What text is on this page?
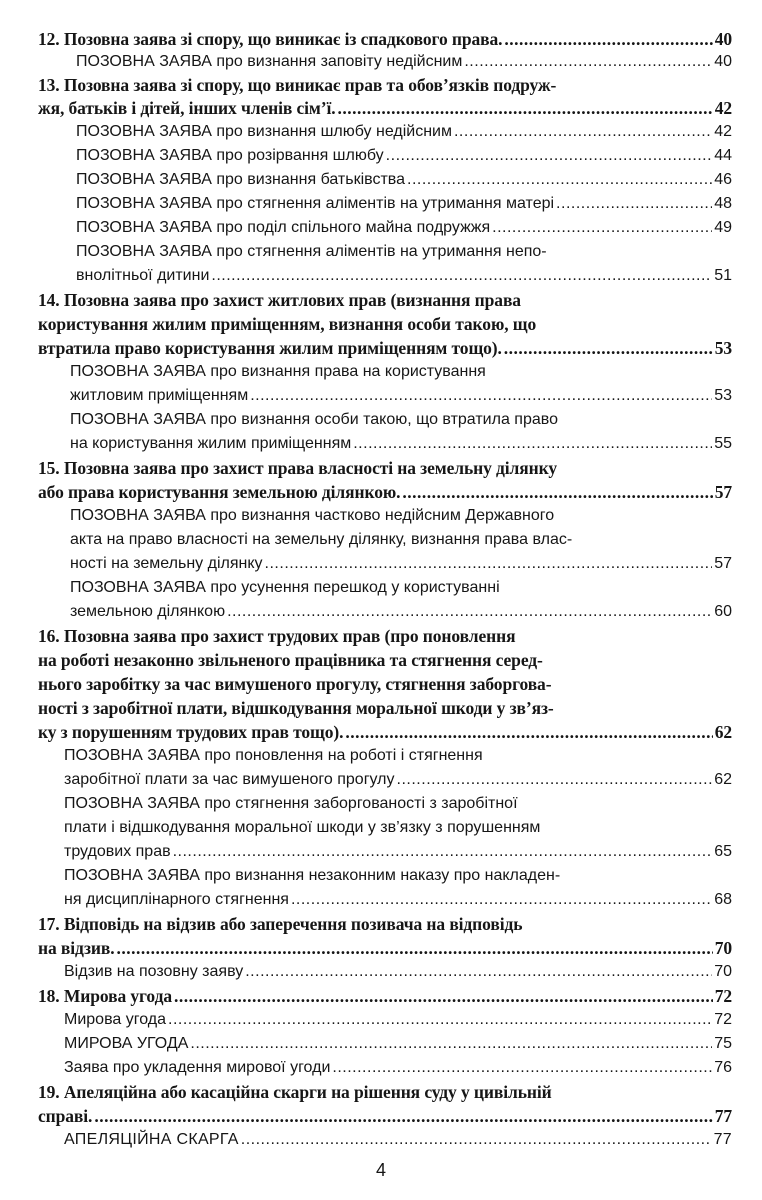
12. Позовна заява зі спору, що виникає із спадкового права. .....	40
ПОЗОВНА ЗАЯВА про визнання заповіту недійсним .....	40
13. Позовна заява зі спору, що виникає прав та обов’язків подруж-
жя, батьків і дітей, інших членів сім’ї. .....	42
ПОЗОВНА ЗАЯВА про визнання шлюбу недійсним .....	42
ПОЗОВНА ЗАЯВА про розірвання шлюбу .....	44
ПОЗОВНА ЗАЯВА про визнання батьківства .....	46
ПОЗОВНА ЗАЯВА про стягнення аліментів на утримання матері .....	48
ПОЗОВНА ЗАЯВА про поділ спільного майна подружжя .....	49
ПОЗОВНА ЗАЯВА про стягнення аліментів на утримання непо-
внолітньої дитини .....	51
14. Позовна заява про захист житлових прав (визнання права
користування жилим приміщенням, визнання особи такою, що
втратила право користування жилим приміщенням тощо). .....	53
ПОЗОВНА ЗАЯВА про визнання права на користування
житловим приміщенням .....	53
ПОЗОВНА ЗАЯВА про визнання особи такою, що втратила право
на користування жилим приміщенням .....	55
15. Позовна заява про захист права власності на земельну ділянку
або права користування земельною ділянкою. .....	57
ПОЗОВНА ЗАЯВА про визнання частково недійсним Державного
акта на право власності на земельну ділянку, визнання права влас-
ності на земельну ділянку .....	57
ПОЗОВНА ЗАЯВА про усунення перешкод у користуванні
земельною ділянкою .....	60
16. Позовна заява про захист трудових прав (про поновлення
на роботі незаконно звільненого працівника та стягнення серед-
нього заробітку за час вимушеного прогулу, стягнення заборгова-
ності з заробітної плати, відшкодування моральної шкоди у зв’яз-
ку з порушенням трудових прав тощо). .....	62
ПОЗОВНА ЗАЯВА про поновлення на роботі і стягнення
заробітної плати за час вимушеного прогулу .....	62
ПОЗОВНА ЗАЯВА про стягнення заборгованості з заробітної
плати і відшкодування моральної шкоди у зв’язку з порушенням
трудових прав .....	65
ПОЗОВНА ЗАЯВА про визнання незаконним наказу про накладен-
ня дисциплінарного стягнення .....	68
17. Відповідь на відзив або заперечення позивача на відповідь
на відзив. .....	70
Відзив на позовну заяву .....	70
18. Мирова угода .....	72
Мирова угода .....	72
МИРОВА УГОДА .....	75
Заява про укладення мирової угоди .....	76
19. Апеляційна або касаційна скарги на рішення суду у цивільній
справі. .....	77
АПЕЛЯЦІЙНА СКАРГА .....	77
4
